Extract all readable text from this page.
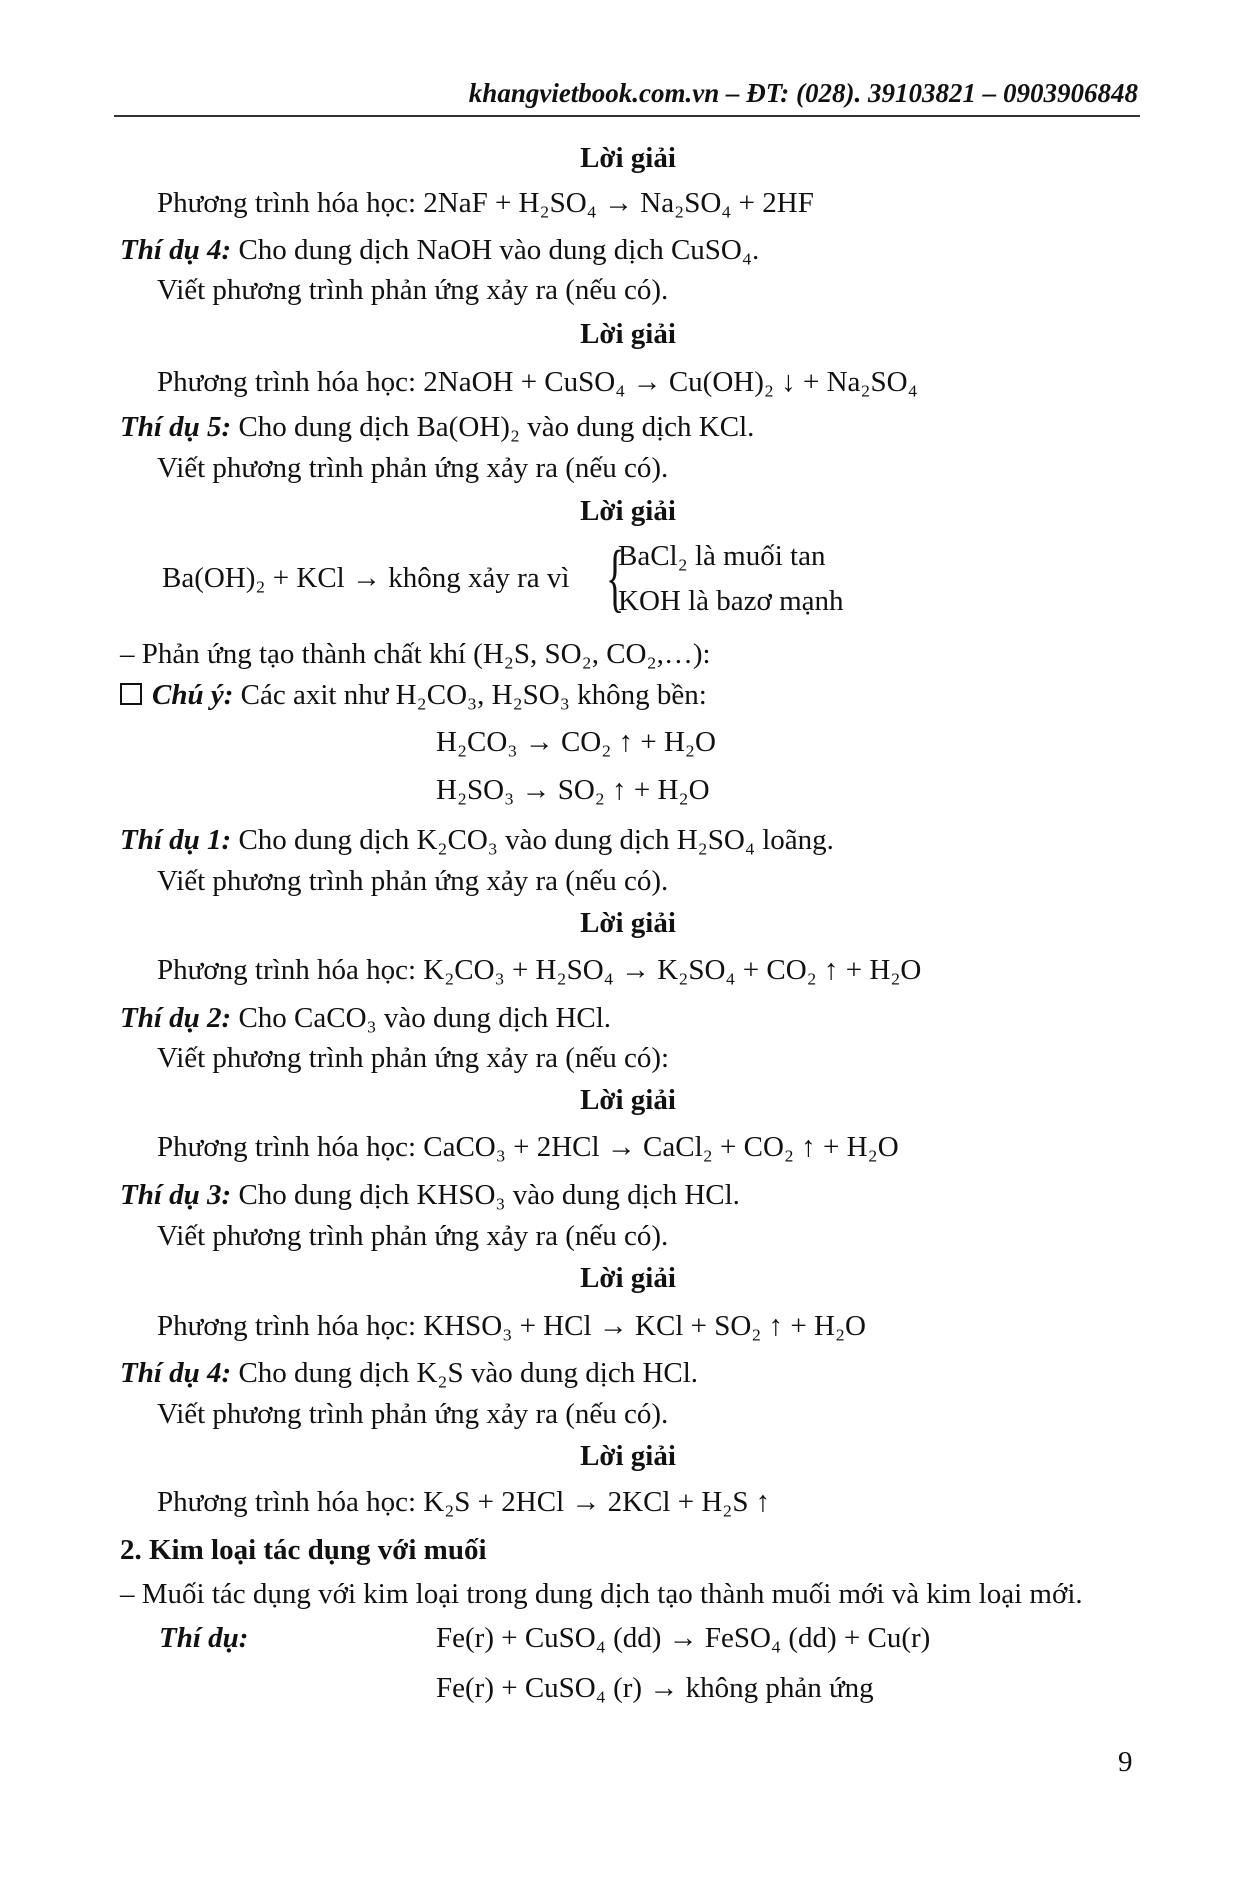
khangvietbook.com.vn – ĐT: (028). 39103821 – 0903906848
Lời giải
Phương trình hóa học: 2NaF + H₂SO₄ → Na₂SO₄ + 2HF
Thí dụ 4: Cho dung dịch NaOH vào dung dịch CuSO₄.
Viết phương trình phản ứng xảy ra (nếu có).
Lời giải
Phương trình hóa học: 2NaOH + CuSO₄ → Cu(OH)₂ ↓ + Na₂SO₄
Thí dụ 5: Cho dung dịch Ba(OH)₂ vào dung dịch KCl.
Viết phương trình phản ứng xảy ra (nếu có).
Lời giải
Ba(OH)₂ + KCl → không xảy ra vì {
BaCl₂ là muối tan
KOH là bazơ mạnh
– Phản ứng tạo thành chất khí (H₂S, SO₂, CO₂,…):
Chú ý: Các axit như H₂CO₃, H₂SO₃ không bền:
H₂CO₃ → CO₂ ↑ + H₂O
H₂SO₃ → SO₂ ↑ + H₂O
Thí dụ 1: Cho dung dịch K₂CO₃ vào dung dịch H₂SO₄ loãng.
Viết phương trình phản ứng xảy ra (nếu có).
Lời giải
Phương trình hóa học: K₂CO₃ + H₂SO₄ → K₂SO₄ + CO₂ ↑ + H₂O
Thí dụ 2: Cho CaCO₃ vào dung dịch HCl.
Viết phương trình phản ứng xảy ra (nếu có):
Lời giải
Phương trình hóa học: CaCO₃ + 2HCl → CaCl₂ + CO₂ ↑ + H₂O
Thí dụ 3: Cho dung dịch KHSO₃ vào dung dịch HCl.
Viết phương trình phản ứng xảy ra (nếu có).
Lời giải
Phương trình hóa học: KHSO₃ + HCl → KCl + SO₂ ↑ + H₂O
Thí dụ 4: Cho dung dịch K₂S vào dung dịch HCl.
Viết phương trình phản ứng xảy ra (nếu có).
Lời giải
Phương trình hóa học: K₂S + 2HCl → 2KCl + H₂S ↑
2. Kim loại tác dụng với muối
– Muối tác dụng với kim loại trong dung dịch tạo thành muối mới và kim loại mới.
Thí dụ:	Fe(r) + CuSO₄ (dd) → FeSO₄ (dd) + Cu(r)
Fe(r) + CuSO₄ (r) → không phản ứng
9
